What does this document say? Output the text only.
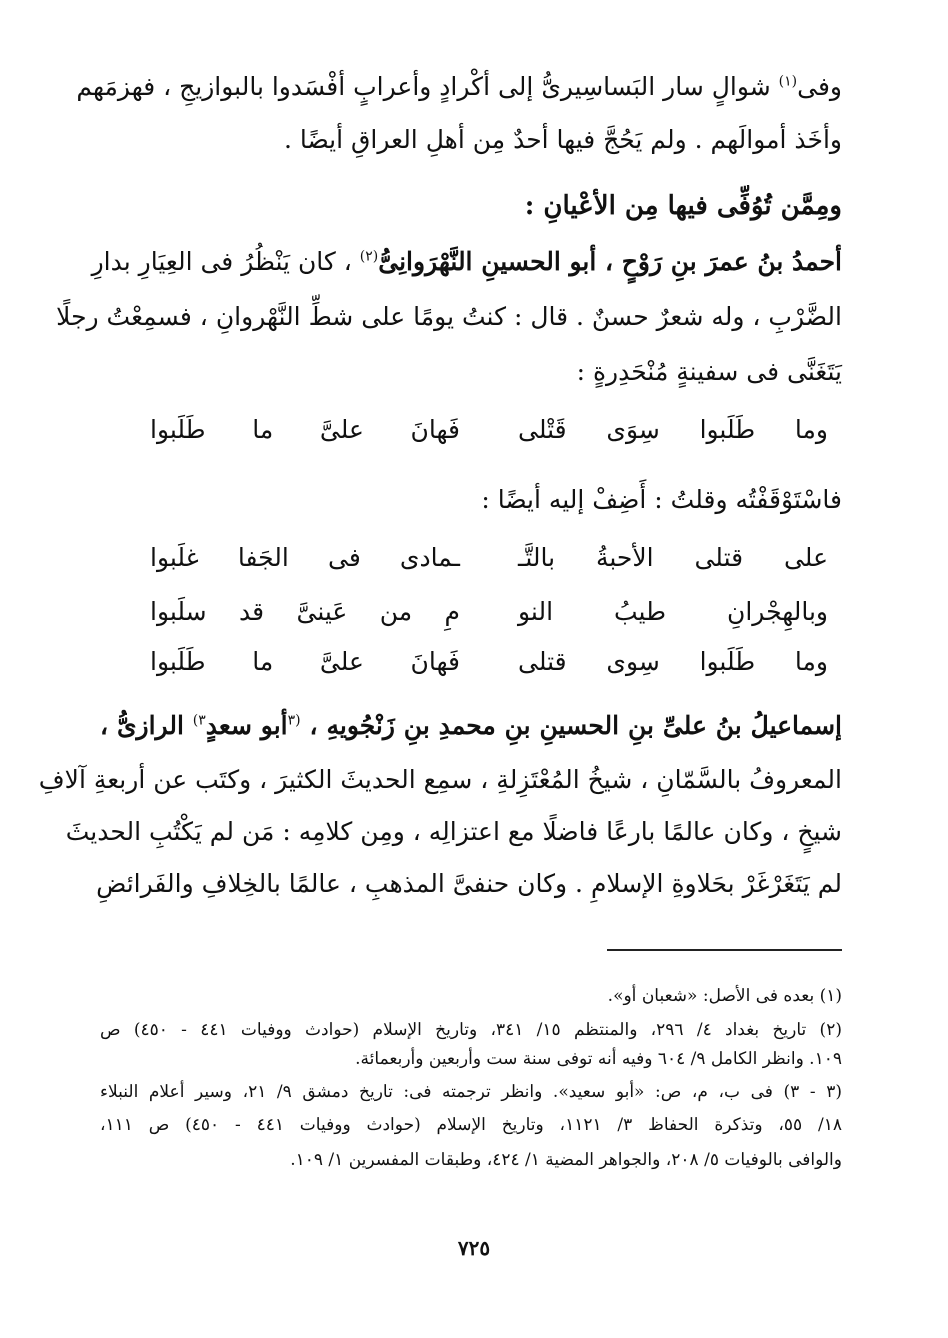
وفى$^{(١)}$ شوالٍ سار البَساسِيرىُّ إلى أكْرادٍ وأعرابٍ أفْسَدوا بالبوازيجِ ، فهزمَهم
وأخَذ أموالَهم . ولم يَحُجَّ فيها أحدٌ مِن أهلِ العراقِ أيضًا .
ومِمَّن تُوُفِّى فيها مِن الأعْيانِ :
أحمدُ بنُ عمرَ بنِ رَوْحٍ ، أبو الحسينِ النَّهْرَوانِىُّ$^{(٢)}$ ، كان يَنْظُرُ فى العِيَارِ بدارِ
الضَّرْبِ ، وله شعرٌ حسنٌ . قال : كنتُ يومًا على شطِّ النَّهْروانِ ، فسمِعْتُ رجلًا
يَتَغَنَّى فى سفينةٍ مُنْحَدِرةٍ :
وما طَلَبوا سِوَى قَتْلى
فَهانَ علىَّ ما طَلَبوا
فاسْتَوْقَفْتُه وقلتُ : أَضِفْ إليه أيضًا :
على قتلى الأحبةُ بالتَّـ
ـمادى فى الجَفا غلَبوا
وبالهِجْرانِ طيبُ النو
مِ من عَينىَّ قد سلَبوا
وما طَلَبوا سِوى قتلى
فَهانَ علىَّ ما طَلَبوا
إسماعيلُ بنُ علىِّ بنِ الحسينِ بنِ محمدِ بنِ زَنْجُويهِ ، $^{(٣}$أبو سعدٍ$^{٣)}$ الرازىُّ ،
المعروفُ بالسَّمّانِ ، شيخُ المُعْتَزِلةِ ، سمِع الحديثَ الكثيرَ ، وكتَب عن أربعةِ آلافِ
شيخٍ ، وكان عالمًا بارعًا فاضلًا مع اعتزالِه ، ومِن كلامِه : مَن لم يَكْتُبِ الحديثَ
لم يَتَغَرْغَرْ بحَلاوةِ الإسلامِ . وكان حنفىَّ المذهبِ ، عالمًا بالخِلافِ والفَرائضِ
(١) بعده فى الأصل: «شعبان أو».
(٢) تاريخ بغداد ٤/ ٢٩٦، والمنتظم ١٥/ ٣٤١، وتاريخ الإسلام (حوادث ووفيات ٤٤١ - ٤٥٠) ص
١٠٩. وانظر الكامل ٩/ ٦٠٤ وفيه أنه توفى سنة ست وأربعين وأربعمائة.
(٣ - ٣) فى ب، م، ص: «أبو سعيد». وانظر ترجمته فى: تاريخ دمشق ٩/ ٢١، وسير أعلام النبلاء
١٨/ ٥٥، وتذكرة الحفاظ ٣/ ١١٢١، وتاريخ الإسلام (حوادث ووفيات ٤٤١ - ٤٥٠) ص ١١١،
والوافى بالوفيات ٥/ ٢٠٨، والجواهر المضية ١/ ٤٢٤، وطبقات المفسرين ١/ ١٠٩.
٧٢٥
